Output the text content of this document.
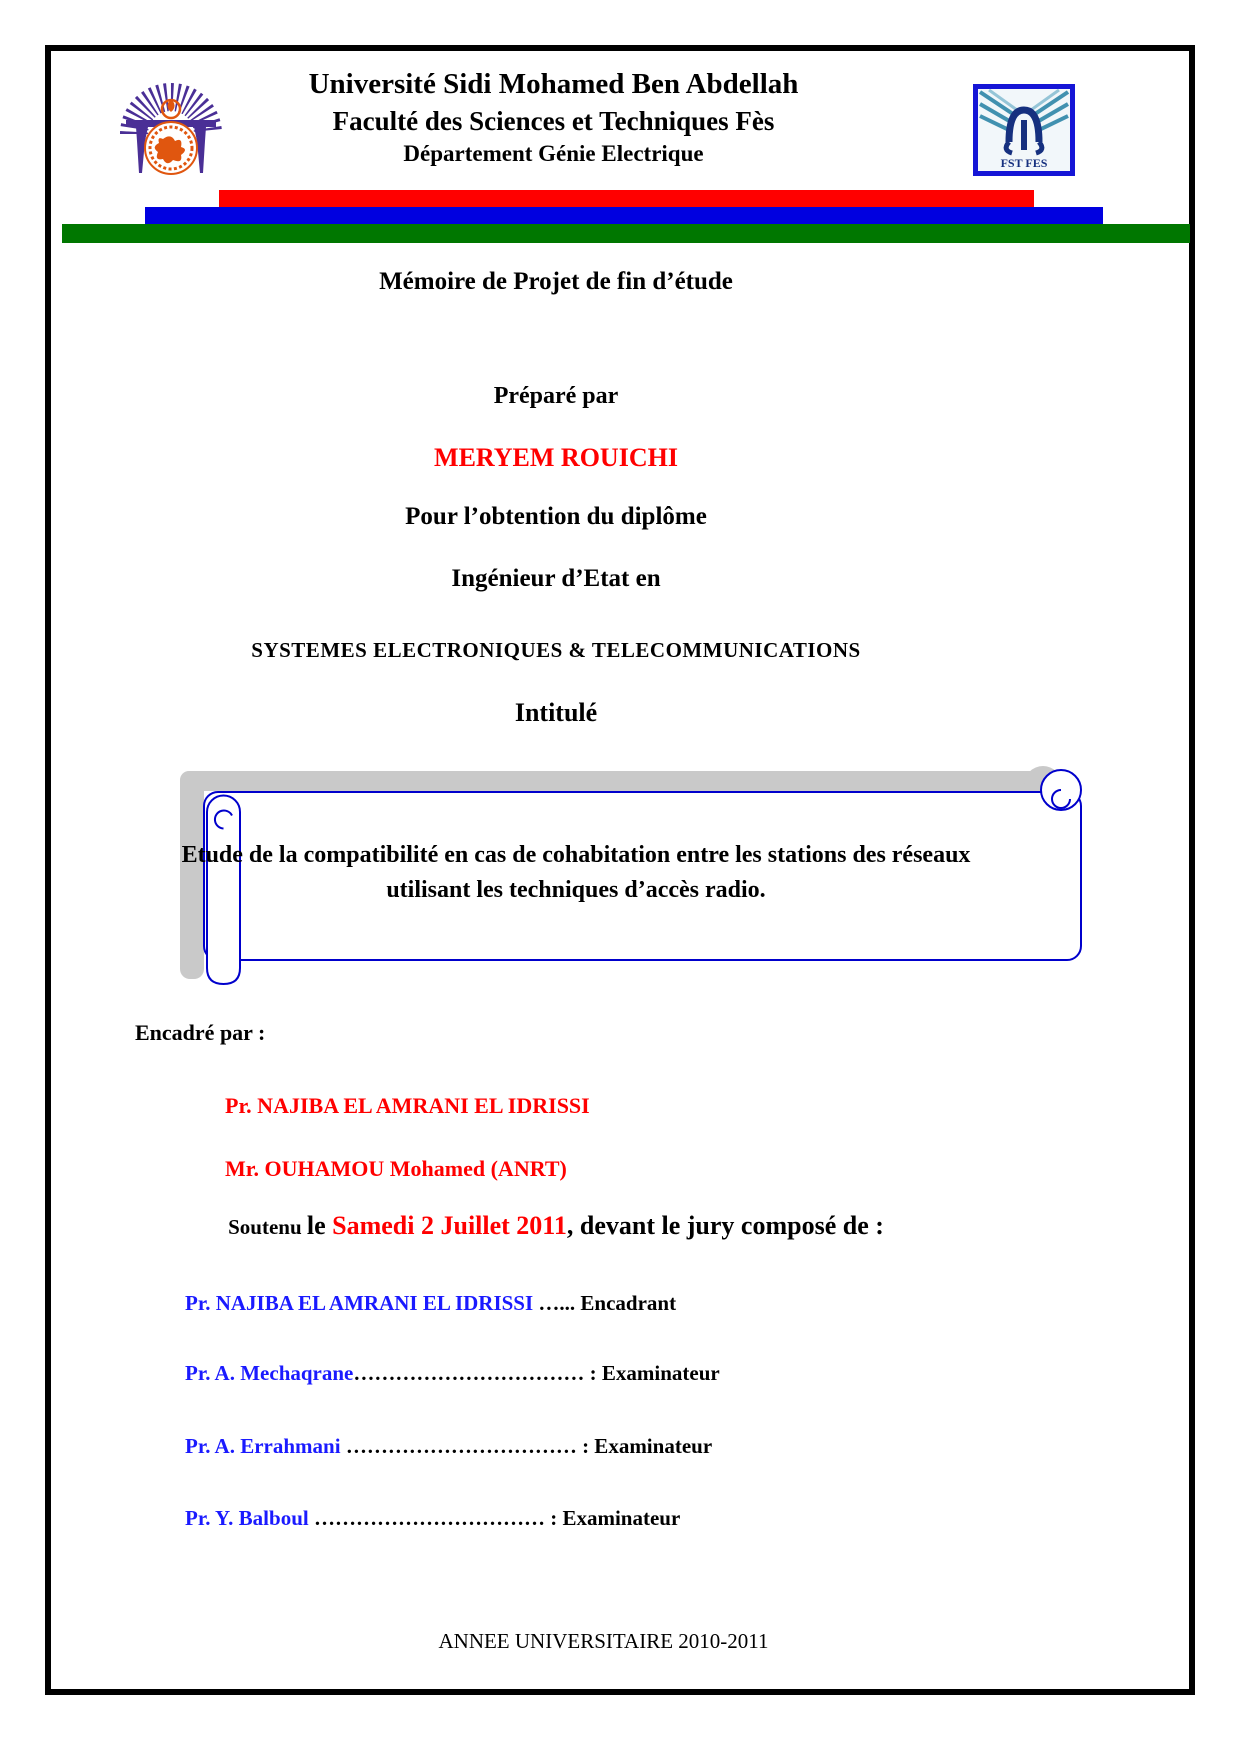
Université Sidi Mohamed Ben Abdellah
Faculté des Sciences et Techniques Fès
Département Génie Electrique	FST FES
Mémoire de Projet de fin d’étude
Préparé par
MERYEM ROUICHI
Pour l’obtention du diplôme
Ingénieur d’Etat en
SYSTEMES ELECTRONIQUES & TELECOMMUNICATIONS
Intitulé
Etude de la compatibilité en cas de cohabitation entre les stations des réseaux utilisant les techniques d’accès radio.
Encadré par :
Pr. NAJIBA EL AMRANI EL IDRISSI
Mr. OUHAMOU Mohamed (ANRT)
Soutenu le Samedi 2 Juillet 2011, devant le jury composé de :
Pr. NAJIBA EL AMRANI EL IDRISSI …... Encadrant
Pr. A. Mechaqrane…………………………… : Examinateur
Pr. A. Errahmani …………………………… : Examinateur
Pr. Y. Balboul …………………………… : Examinateur
ANNEE UNIVERSITAIRE 2010-2011
